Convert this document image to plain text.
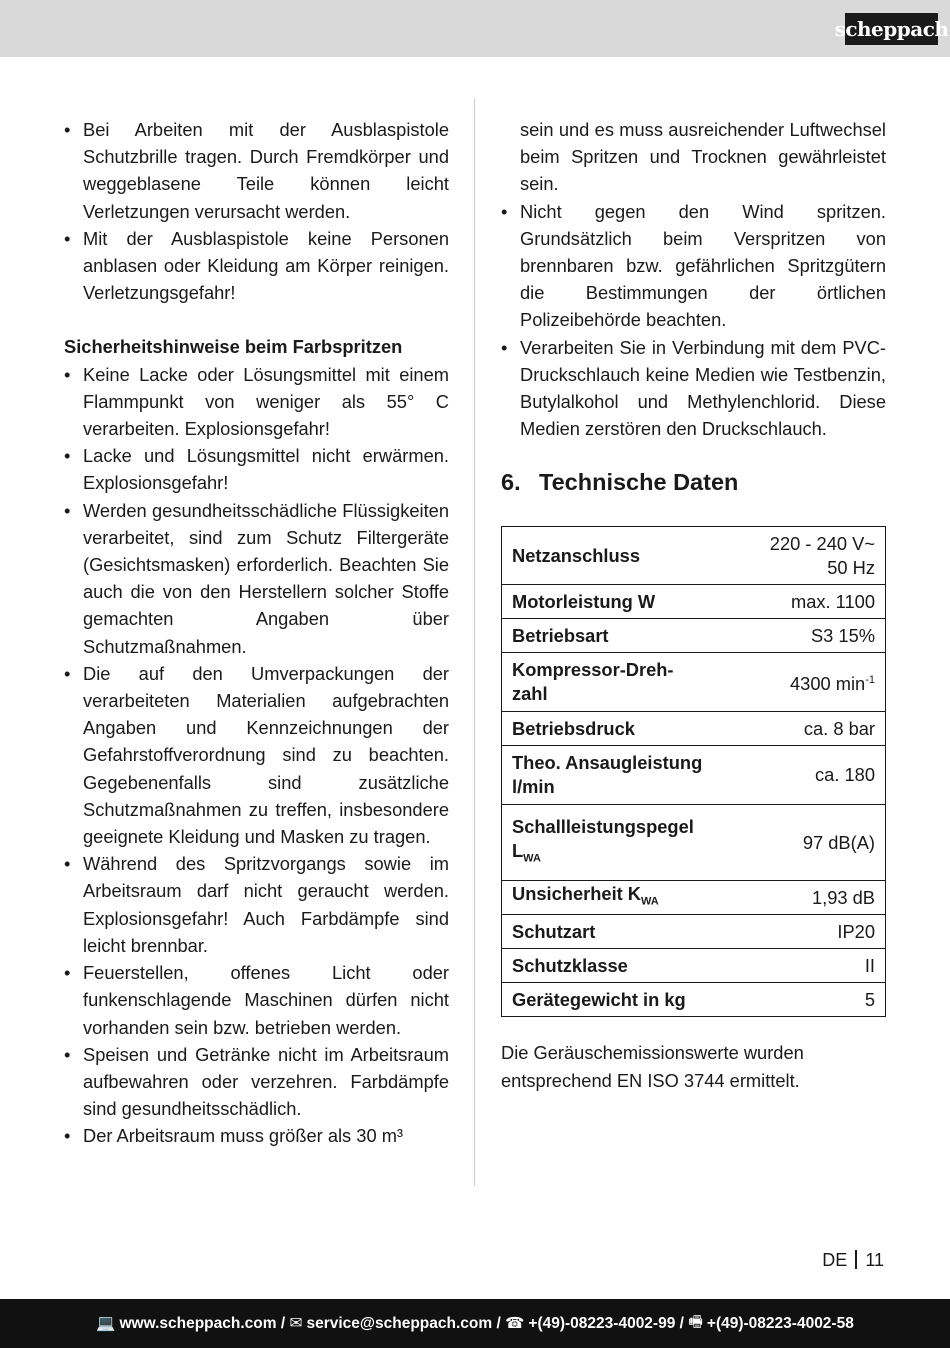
scheppach
• Bei Arbeiten mit der Ausblaspistole Schutzbrille tragen. Durch Fremdkörper und weggeblasene Teile können leicht Verletzungen verursacht werden.
• Mit der Ausblaspistole keine Personen anblasen oder Kleidung am Körper reinigen. Verletzungsgefahr!
Sicherheitshinweise beim Farbspritzen
• Keine Lacke oder Lösungsmittel mit einem Flammpunkt von weniger als 55° C verarbeiten. Explosionsgefahr!
• Lacke und Lösungsmittel nicht erwärmen. Explosionsgefahr!
• Werden gesundheitsschädliche Flüssigkeiten verarbeitet, sind zum Schutz Filtergeräte (Gesichtsmasken) erforderlich. Beachten Sie auch die von den Herstellern solcher Stoffe gemachten Angaben über Schutzmaßnahmen.
• Die auf den Umverpackungen der verarbeiteten Materialien aufgebrachten Angaben und Kennzeichnungen der Gefahrstoffverordnung sind zu beachten. Gegebenenfalls sind zusätzliche Schutzmaßnahmen zu treffen, insbesondere geeignete Kleidung und Masken zu tragen.
• Während des Spritzvorgangs sowie im Arbeitsraum darf nicht geraucht werden. Explosionsgefahr! Auch Farbdämpfe sind leicht brennbar.
• Feuerstellen, offenes Licht oder funkenschlagende Maschinen dürfen nicht vorhanden sein bzw. betrieben werden.
• Speisen und Getränke nicht im Arbeitsraum aufbewahren oder verzehren. Farbdämpfe sind gesundheitsschädlich.
• Der Arbeitsraum muss größer als 30 m³
sein und es muss ausreichender Luftwechsel beim Spritzen und Trocknen gewährleistet sein.
• Nicht gegen den Wind spritzen. Grundsätzlich beim Verspritzen von brennbaren bzw. gefährlichen Spritzgütern die Bestimmungen der örtlichen Polizeibehörde beachten.
• Verarbeiten Sie in Verbindung mit dem PVC-Druckschlauch keine Medien wie Testbenzin, Butylalkohol und Methylenchlorid. Diese Medien zerstören den Druckschlauch.
6. Technische Daten
Netzanschluss	220 - 240 V~
50 Hz
Motorleistung W	max. 1100
Betriebsart	S3 15%
Kompressor-Dreh-
zahl	4300 $\min^{-1}$
Betriebsdruck	ca. 8 bar
Theo. Ansaugleistung
l/min	ca. 180
Schallleistungspegel
$L_{WA}$	97 dB(A)
Unsicherheit $K_{WA}$	1,93 dB
Schutzart	IP20
Schutzklasse	II
Gerätegewicht in kg	5
Die Geräuschemissionswerte wurden entsprechend EN ISO 3744 ermittelt.
DE 11
💻 www.scheppach.com /
✉ service@scheppach.com /
☎ +(49)-08223-4002-99 /
🖷 +(49)-08223-4002-58
